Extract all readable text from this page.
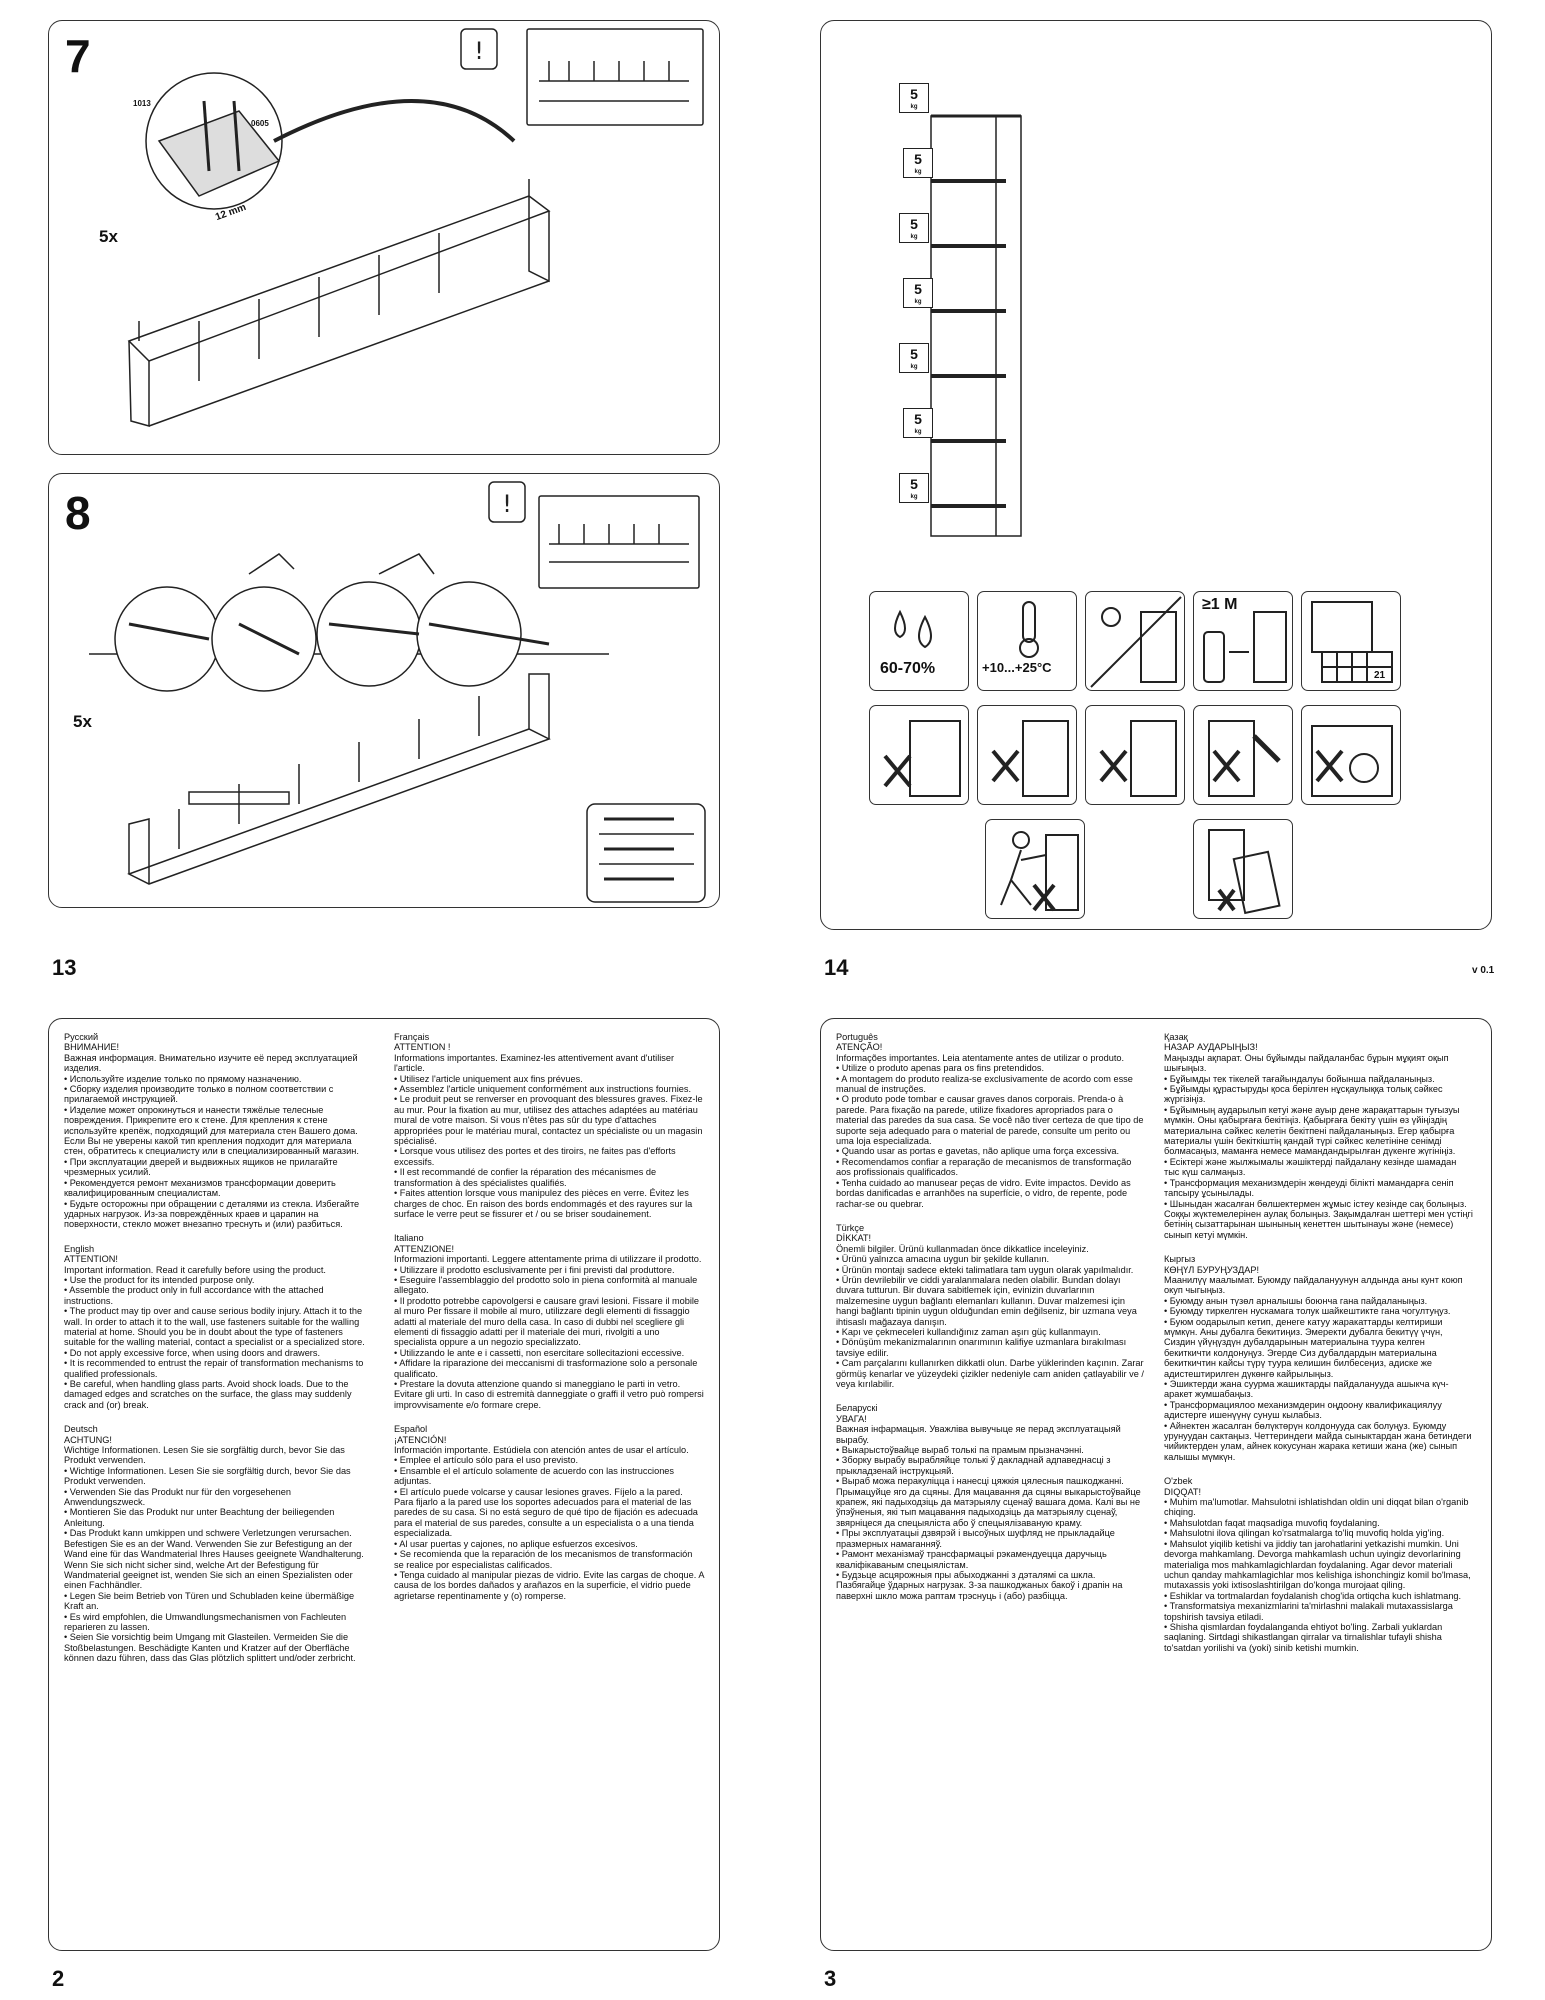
7
5x
1013
0605
12 mm
!
8
5x
!
13
5
kg
5
kg
5
kg
5
kg
5
kg
5
kg
5
kg
60-70%	+10...+25°C
≥1 M
21
14	v 0.1
Русский

ВНИМАНИЕ!
Важная информация. Внимательно изучите её перед эксплуатацией изделия.
• Используйте изделие только по прямому назначению.
• Сборку изделия производите только в полном соответствии с прилагаемой инструкцией.
• Изделие может опрокинуться и нанести тяжёлые телесные повреждения. Прикрепите его к стене. Для крепления к стене используйте крепёж, подходящий для материала стен Вашего дома. Если Вы не уверены какой тип крепления подходит для материала стен, обратитесь к специалисту или в специализированный магазин.
• При эксплуатации дверей и выдвижных ящиков не прилагайте чрезмерных усилий.
• Рекомендуется ремонт механизмов трансформации доверить квалифицированным специалистам.
• Будьте осторожны при обращении с деталями из стекла. Избегайте ударных нагрузок. Из-за повреждённых краев и царапин на поверхности, стекло может внезапно треснуть и (или) разбиться.

English

ATTENTION!
Important information. Read it carefully before using the product.
• Use the product for its intended purpose only.
• Assemble the product only in full accordance with the attached instructions.
• The product may tip over and cause serious bodily injury. Attach it to the wall. In order to attach it to the wall, use fasteners suitable for the walling material at home. Should you be in doubt about the type of fasteners suitable for the walling material, contact a specialist or a specialized store.
• Do not apply excessive force, when using doors and drawers.
• It is recommended to entrust the repair of transformation mechanisms to qualified professionals.
• Be careful, when handling glass parts. Avoid shock loads. Due to the damaged edges and scratches on the surface, the glass may suddenly crack and (or) break.

Deutsch

ACHTUNG!
Wichtige Informationen. Lesen Sie sie sorgfältig durch, bevor Sie das Produkt verwenden.
• Wichtige Informationen. Lesen Sie sie sorgfältig durch, bevor Sie das Produkt verwenden.
• Verwenden Sie das Produkt nur für den vorgesehenen Anwendungszweck.
• Montieren Sie das Produkt nur unter Beachtung der beiliegenden Anleitung.
• Das Produkt kann umkippen und schwere Verletzungen verursachen. Befestigen Sie es an der Wand. Verwenden Sie zur Befestigung an der Wand eine für das Wandmaterial Ihres Hauses geeignete Wandhalterung. Wenn Sie sich nicht sicher sind, welche Art der Befestigung für Wandmaterial geeignet ist, wenden Sie sich an einen Spezialisten oder einen Fachhändler.
• Legen Sie beim Betrieb von Türen und Schubladen keine übermäßige Kraft an.
• Es wird empfohlen, die Umwandlungsmechanismen von Fachleuten reparieren zu lassen.
• Seien Sie vorsichtig beim Umgang mit Glasteilen. Vermeiden Sie die Stoßbelastungen. Beschädigte Kanten und Kratzer auf der Oberfläche können dazu führen, dass das Glas plötzlich splittert und/oder zerbricht.

Français

ATTENTION !
Informations importantes. Examinez-les attentivement avant d'utiliser l'article.
• Utilisez l'article uniquement aux fins prévues.
• Assemblez l'article uniquement conformément aux instructions fournies.
• Le produit peut se renverser en provoquant des blessures graves. Fixez-le au mur. Pour la fixation au mur, utilisez des attaches adaptées au matériau mural de votre maison. Si vous n'êtes pas sûr du type d'attaches appropriées pour le matériau mural, contactez un spécialiste ou un magasin spécialisé.
• Lorsque vous utilisez des portes et des tiroirs, ne faites pas d'efforts excessifs.
• Il est recommandé de confier la réparation des mécanismes de transformation à des spécialistes qualifiés.
• Faites attention lorsque vous manipulez des pièces en verre. Évitez les charges de choc. En raison des bords endommagés et des rayures sur la surface le verre peut se fissurer et / ou se briser soudainement.

Italiano

ATTENZIONE!
Informazioni importanti. Leggere attentamente prima di utilizzare il prodotto.
• Utilizzare il prodotto esclusivamente per i fini previsti dal produttore.
• Eseguire l'assemblaggio del prodotto solo in piena conformità al manuale allegato.
• Il prodotto potrebbe capovolgersi e causare gravi lesioni. Fissare il mobile al muro Per fissare il mobile al muro, utilizzare degli elementi di fissaggio adatti al materiale del muro della casa. In caso di dubbi nel scegliere gli elementi di fissaggio adatti per il materiale dei muri, rivolgiti a uno specialista oppure a un negozio specializzato.
• Utilizzando le ante e i cassetti, non esercitare sollecitazioni eccessive.
• Affidare la riparazione dei meccanismi di trasformazione solo a personale qualificato.
• Prestare la dovuta attenzione quando si maneggiano le parti in vetro. Evitare gli urti. In caso di estremità danneggiate o graffi il vetro può rompersi improvvisamente e/o formare crepe.

Español

¡ATENCIÓN!
Información importante. Estúdiela con atención antes de usar el artículo.
• Emplee el artículo sólo para el uso previsto.
• Ensamble el el artículo solamente de acuerdo con las instrucciones adjuntas.
• El artículo puede volcarse y causar lesiones graves. Fíjelo a la pared. Para fijarlo a la pared use los soportes adecuados para el material de las paredes de su casa. Si no está seguro de qué tipo de fijación es adecuada para el material de sus paredes, consulte a un especialista o a una tienda especializada.
• Al usar puertas y cajones, no aplique esfuerzos excesivos.
• Se recomienda que la reparación de los mecanismos de transformación se realice por especialistas calificados.
• Tenga cuidado al manipular piezas de vidrio. Evite las cargas de choque. A causa de los bordes dañados y arañazos en la superficie, el vidrio puede agrietarse repentinamente y (o) romperse.

Português

ATENÇÃO!
Informações importantes. Leia atentamente antes de utilizar o produto.
• Utilize o produto apenas para os fins pretendidos.
• A montagem do produto realiza-se exclusivamente de acordo com esse manual de instruções.
• O produto pode tombar e causar graves danos corporais. Prenda-o à parede. Para fixação na parede, utilize fixadores apropriados para o material das paredes da sua casa. Se você não tiver certeza de que tipo de suporte seja adequado para o material de parede, consulte um perito ou uma loja especializada.
• Quando usar as portas e gavetas, não aplique uma força excessiva.
• Recomendamos confiar a reparação de mecanismos de transformação aos profissionais qualificados.
• Tenha cuidado ao manusear peças de vidro. Evite impactos. Devido as bordas danificadas e arranhões na superfície, o vidro, de repente, pode rachar-se ou quebrar.

Türkçe

DİKKAT!
Önemli bilgiler. Ürünü kullanmadan önce dikkatlice inceleyiniz.
• Ürünü yalnızca amacına uygun bir şekilde kullanın.
• Ürünün montajı sadece ekteki talimatlara tam uygun olarak yapılmalıdır.
• Ürün devrilebilir ve ciddi yaralanmalara neden olabilir. Bundan dolayı duvara tutturun. Bir duvara sabitlemek için, evinizin duvarlarının malzemesine uygun bağlantı elemanları kullanın. Duvar malzemesi için hangi bağlantı tipinin uygun olduğundan emin değilseniz, bir uzmana veya ihtisaslı mağazaya danışın.
• Kapı ve çekmeceleri kullandığınız zaman aşırı güç kullanmayın.
• Dönüşüm mekanizmalarının onarımının kalifiye uzmanlara bırakılması tavsiye edilir.
• Cam parçalarını kullanırken dikkatli olun. Darbe yüklerinden kaçının. Zarar görmüş kenarlar ve yüzeydeki çizikler nedeniyle cam aniden çatlayabilir ve / veya kırılabilir.

Беларускі

УВАГА!
Важная інфармацыя. Уважліва вывучыце яе перад эксплуатацыяй вырабу.
• Выкарыстоўвайце выраб толькі па прамым прызначэнні.
• Зборку вырабу вырабляйце толькі ў дакладнай адпаведнасці з прыкладзенай інструкцыяй.
• Выраб можа перакуліцца і нанесці цяжкія цялесныя пашкоджанні. Прымацуйце яго да сцяны. Для мацавання да сцяны выкарыстоўвайце крапеж, які падыходзіць да матэрыялу сценаў вашага дома. Калі вы не ўпэўненыя, які тып мацавання падыходзіць да матэрыялу сценаў, звярніцеся да спецыяліста або ў спецыялізаваную краму.
• Пры эксплуатацыі дзвярэй і высоўных шуфляд не прыкладайце празмерных намаганняў.
• Рамонт механізмаў трансфармацыі рэкамендуецца даручыць кваліфікаваным спецыялістам.
• Будзьце асцярожныя пры абыходжанні з дэталямі са шкла. Пазбягайце ўдарных нагрузак. З-за пашкоджаных бакоў і драпін на паверхні шкло можа раптам трэснуць і (або) разбіцца.

Қазақ

НАЗАР АУДАРЫҢЫЗ!
Маңызды ақпарат. Оны бұйымды пайдаланбас бұрын мұқият оқып шығыңыз.
• Бұйымды тек тікелей тағайындалуы бойынша пайдаланыңыз.
• Бұйымды құрастыруды қоса берілген нұсқаулыққа толық сәйкес жүргізіңіз.
• Бұйымның аударылып кетуі және ауыр дене жарақаттарын туғызуы мүмкін. Оны қабырғаға бекітіңіз. Қабырғаға бекіту үшін өз үйіңіздің материалына сәйкес келетін бекітпені пайдаланыңыз. Егер қабырға материалы үшін бекіткіштің қандай түрі сәйкес келетініне сенімді болмасаңыз, маманға немесе мамандандырылған дүкенге жүгініңіз.
• Есіктері және жылжымалы жәшіктерді пайдалану кезінде шамадан тыс күш салмаңыз.
• Трансформация механизмдерін жөндеуді білікті мамандарға сеніп тапсыру ұсынылады.
• Шыныдан жасалған бөлшектермен жұмыс істеу кезінде сақ болыңыз. Соққы жүктемелерінен аулақ болыңыз. Зақымдалған шеттері мен үстіңгі бетінің сызаттарынан шынының кенеттен шытынауы және (немесе) сынып кетуі мүмкін.

Кыргыз

КӨҢҮЛ БУРУҢУЗДАР!
Маанилүү маалымат. Буюмду пайдалануунун алдында аны кунт коюп окуп чыгыңыз.
• Буюмду анын түзөл арналышы боюнча гана пайдаланыңыз.
• Буюмду тиркелген нускамага толук шайкештикте гана чогултуңуз.
• Буюм оодарылып кетип, денеге катуу жаракаттарды келтириши мүмкүн. Аны дубалга бекитиңиз. Эмеректи дубалга бекитүү үчүн, Сиздин үйүңүздүн дубалдарынын материалына туура келген бекиткичти колдонуңуз. Эгерде Сиз дубалдардын материалына бекиткичтин кайсы түрү туура келишин билбесеңиз, адиске же адистештирилген дүкөнгө кайрылыңыз.
• Эшиктерди жана суурма жашиктарды пайдаланууда ашыкча күч-аракет жумшабаңыз.
• Трансформациялоо механизмдерин оңдоону квалификациялуу адистерге ишенүүнү сунуш кылабыз.
• Айнектен жасалган бөлүктөрүн колдонууда сак болуңуз. Буюмду урунуудан сактаңыз. Четтериндеги майда сыныктардан жана бетиндеги чийиктерден улам, айнек кокусунан жарака кетиши жана (же) сынып калышы мүмкүн.

O'zbek

DIQQAT!
• Muhim ma'lumotlar. Mahsulotni ishlatishdan oldin uni diqqat bilan o'rganib chiqing.
• Mahsulotdan faqat maqsadiga muvofiq foydalaning.
• Mahsulotni ilova qilingan ko'rsatmalarga to'liq muvofiq holda yig'ing.
• Mahsulot yiqilib ketishi va jiddiy tan jarohatlarini yetkazishi mumkin. Uni devorga mahkamlang. Devorga mahkamlash uchun uyingiz devorlarining materialiga mos mahkamlagichlardan foydalaning. Agar devor materiali uchun qanday mahkamlagichlar mos kelishiga ishonchingiz komil bo'lmasa, mutaxassis yoki ixtisoslashtirilgan do'konga murojaat qiling.
• Eshiklar va tortmalardan foydalanish chog'ida ortiqcha kuch ishlatmang.
• Transformatsiya mexanizmlarini ta'mirlashni malakali mutaxassislarga topshirish tavsiya etiladi.
• Shisha qismlardan foydalanganda ehtiyot bo'ling. Zarbali yuklardan saqlaning. Sirtdagi shikastlangan qirralar va tirnalishlar tufayli shisha to'satdan yorilishi va (yoki) sinib ketishi mumkin.

2	3
